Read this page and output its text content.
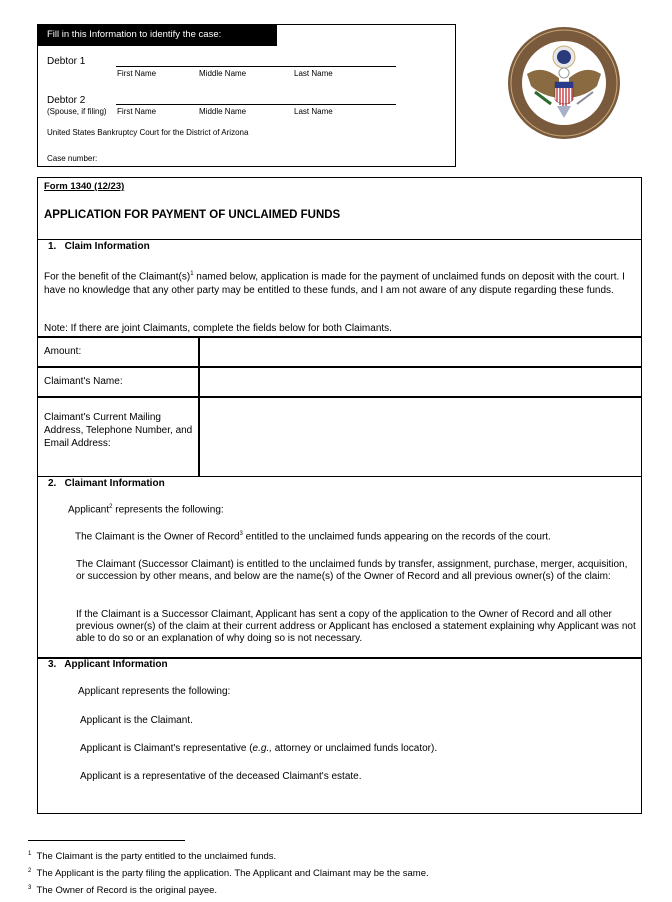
Fill in this Information to identify the case:
Debtor 1
First Name	Middle Name	Last Name
Debtor 2
(Spouse, if filing) First Name	Middle Name	Last Name
United States Bankruptcy Court for the District of Arizona
Case number:
Form 1340 (12/23)
APPLICATION FOR PAYMENT OF UNCLAIMED FUNDS
1.   Claim Information

For the benefit of the $Claimant(s)^1$ named below, application is made for the payment of unclaimed funds on deposit with the court. I have no knowledge that any other party may be entitled to these funds, and I am not aware of any dispute regarding these funds.

Note: If there are joint Claimants, complete the fields below for both Claimants.
Amount:
Claimant's Name:
Claimant's Current Mailing Address, Telephone Number, and Email Address:
2.   Claimant Information

Applicant$^2$ represents the following:

The Claimant is the Owner of Record$^3$ entitled to the unclaimed funds appearing on the records of the court.

The Claimant (Successor Claimant) is entitled to the unclaimed funds by transfer, assignment, purchase, merger, acquisition, or succession by other means, and below are the name(s) of the Owner of Record and all previous owner(s) of the claim:

If the Claimant is a Successor Claimant, Applicant has sent a copy of the application to the Owner of Record and all other previous owner(s) of the claim at their current address or Applicant has enclosed a statement explaining why Applicant was not able to do so or an explanation of why doing so is not necessary.

3.   Applicant Information
Applicant represents the following:
Applicant is the Claimant.

Applicant is Claimant's representative (e.g., attorney or unclaimed funds locator).

Applicant is a representative of the deceased Claimant's estate.
$^1$ The Claimant is the party entitled to the unclaimed funds.
$^2$ The Applicant is the party filing the application. The Applicant and Claimant may be the same.
$^3$ The Owner of Record is the original payee.
